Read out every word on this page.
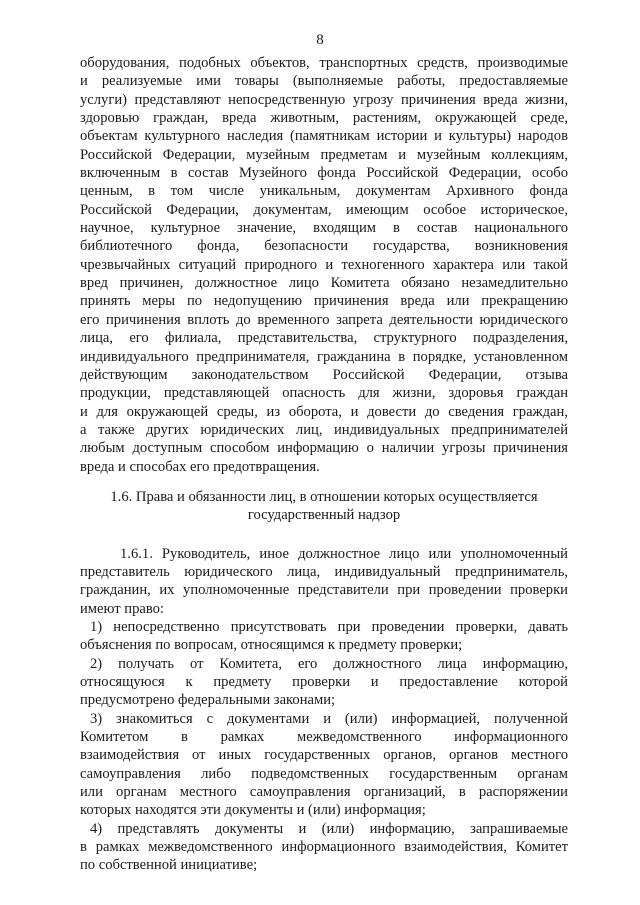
8
оборудования, подобных объектов, транспортных средств, производимые
и реализуемые ими товары (выполняемые работы, предоставляемые
услуги) представляют непосредственную угрозу причинения вреда жизни,
здоровью граждан, вреда животным, растениям, окружающей среде,
объектам культурного наследия (памятникам истории и культуры) народов
Российской Федерации, музейным предметам и музейным коллекциям,
включенным в состав Музейного фонда Российской Федерации, особо
ценным, в том числе уникальным, документам Архивного фонда
Российской Федерации, документам, имеющим особое историческое,
научное, культурное значение, входящим в состав национального
библиотечного фонда, безопасности государства, возникновения
чрезвычайных ситуаций природного и техногенного характера или такой
вред причинен, должностное лицо Комитета обязано незамедлительно
принять меры по недопущению причинения вреда или прекращению
его причинения вплоть до временного запрета деятельности юридического
лица, его филиала, представительства, структурного подразделения,
индивидуального предпринимателя, гражданина в порядке, установленном
действующим законодательством Российской Федерации, отзыва
продукции, представляющей опасность для жизни, здоровья граждан
и для окружающей среды, из оборота, и довести до сведения граждан,
а также других юридических лиц, индивидуальных предпринимателей
любым доступным способом информацию о наличии угрозы причинения
вреда и способах его предотвращения.
1.6. Права и обязанности лиц, в отношении которых осуществляется
государственный надзор
1.6.1. Руководитель, иное должностное лицо или уполномоченный
представитель юридического лица, индивидуальный предприниматель,
гражданин, их уполномоченные представители при проведении проверки
имеют право:
1) непосредственно присутствовать при проведении проверки, давать
объяснения по вопросам, относящимся к предмету проверки;
2) получать от Комитета, его должностного лица информацию,
относящуюся к предмету проверки и предоставление которой
предусмотрено федеральными законами;
3) знакомиться с документами и (или) информацией, полученной
Комитетом в рамках межведомственного информационного
взаимодействия от иных государственных органов, органов местного
самоуправления либо подведомственных государственным органам
или органам местного самоуправления организаций, в распоряжении
которых находятся эти документы и (или) информация;
4) представлять документы и (или) информацию, запрашиваемые
в рамках межведомственного информационного взаимодействия, Комитет
по собственной инициативе;
